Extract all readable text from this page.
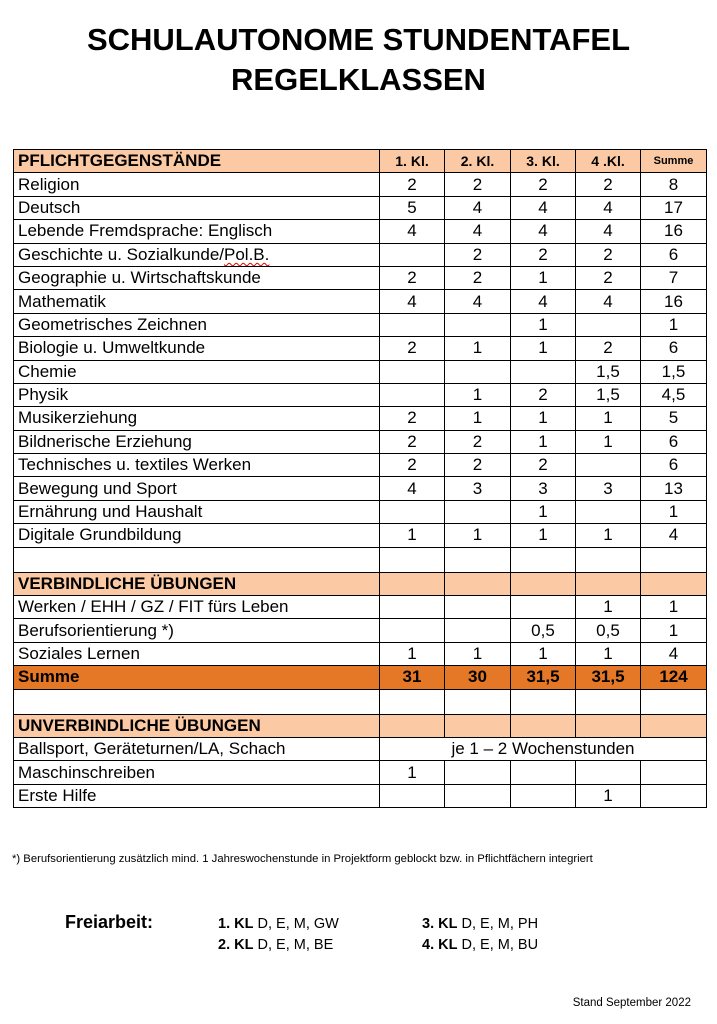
SCHULAUTONOME STUNDENTAFEL
REGELKLASSEN
PFLICHTGEGENSTÄNDE	1. Kl.	2. Kl.	3. Kl.	4 .Kl.	Summe
Religion	2	2	2	2	8
Deutsch	5	4	4	4	17
Lebende Fremdsprache: Englisch	4	4	4	4	16
Geschichte u. Sozialkunde/Pol.B.		2	2	2	6
Geographie u. Wirtschaftskunde	2	2	1	2	7
Mathematik	4	4	4	4	16
Geometrisches Zeichnen			1		1
Biologie u. Umweltkunde	2	1	1	2	6
Chemie				1,5	1,5
Physik		1	2	1,5	4,5
Musikerziehung	2	1	1	1	5
Bildnerische Erziehung	2	2	1	1	6
Technisches u. textiles Werken	2	2	2		6
Bewegung und Sport	4	3	3	3	13
Ernährung und Haushalt			1		1
Digitale Grundbildung	1	1	1	1	4

VERBINDLICHE ÜBUNGEN					
Werken / EHH / GZ / FIT fürs Leben				1	1
Berufsorientierung *)			0,5	0,5	1
Soziales Lernen	1	1	1	1	4
Summe	31	30	31,5	31,5	124

UNVERBINDLICHE ÜBUNGEN					
Ballsport, Geräteturnen/LA, Schach	je 1 – 2 Wochenstunden				
Maschinschreiben	1				
Erste Hilfe				1	
*) Berufsorientierung zusätzlich mind. 1 Jahreswochenstunde in Projektform geblockt bzw. in Pflichtfächern integriert
Freiarbeit:	1. KL D, E, M, GW
2. KL D, E, M, BE
3. KL D, E, M, PH
4. KL D, E, M, BU
Stand September 2022
